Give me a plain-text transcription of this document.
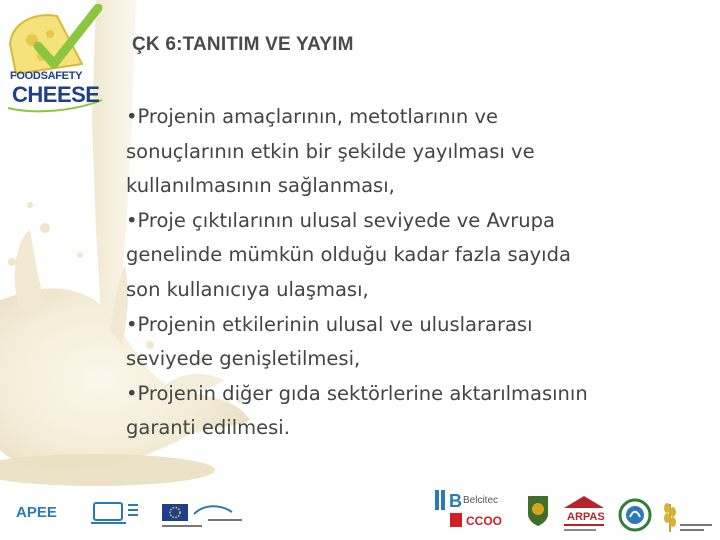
FOODSAFETY
CHEESE
ÇK 6:TANITIM VE YAYIM
•Projenin amaçlarının, metotlarının ve
sonuçlarının etkin bir şekilde yayılması ve
kullanılmasının sağlanması,
•Proje çıktılarının ulusal seviyede ve Avrupa
genelinde mümkün olduğu kadar fazla sayıda
son kullanıcıya ulaşması,
•Projenin etkilerinin ulusal ve uluslararası
seviyede genişletilmesi,
•Projenin diğer gıda sektörlerine aktarılmasının
garanti edilmesi.
APEE
B Belcitec
CCOO	ARPAS
